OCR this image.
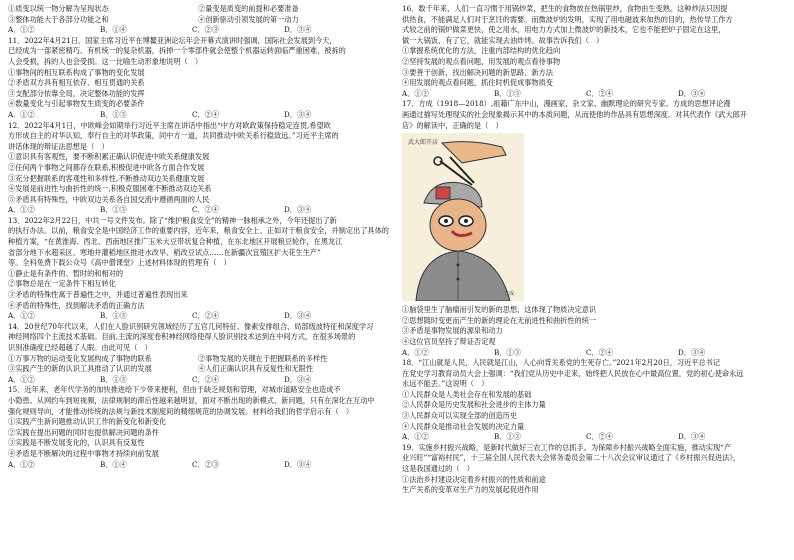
①质变以统一物分解为呈现状态	②量变是质变的前提和必要准备
③整体功能大于各部分功能之和	④创新驱动引领发展的第一动力
A．①②	B．①④	C．②③	D．③④
11．2022年4月21日，国家主席习近平在博鳌亚洲论坛年会开幕式演讲时强调，国际社会发展到今天，
已经成为一部紧密精巧、有机统一的复杂机器，拆掉一个零部件就会使整个机器运转面临严重困难，被拆的
人会受损，拆的人也会受损。这一比喻生动形象地说明（　）
①事物间的相互联系构成了事物的变化发展
②矛盾双方具有相互依存、相互贯通的关系
③支配部分依靠全局，决定整体功能的发挥
④数量变化与引起事物发生质变的必要条件
A．①②	B．①③	C．②④	D．③④
12．2022年4月1日，中欧峰会如期举行习近平主席在讲话中指出“中方对欧政策保持稳定连贯,希望欧
方形成自主的对华认知，奉行自主的对华政策，同中方一道，共同推动中欧关系行稳致远。”习近平主席的
讲话体现的辩证法思想是（　）
①意识具有客观性，要不断积累正确认识促进中欧关系健康发展
②任何两个事物之间都存在联系,积极促进中欧各方面合作发展
③充分把握联系的客观性和多样性,不断推动双边关系健康发展
④发展是前进性与曲折性的统一,积极克服困难不断推动双边关系
⑤矛盾具有特殊性，中欧双边关系各自国交流中遵循两面的人民
A．①②	B．①③	C．②④	D．③④
13．2022年2月22日，中共一号文件发布。除了“维护粮食安全”的精神一脉相承之外，今年还提出了新
的执行办法。以前，粮食安全是中国经济工作的重要内容，近年来，粮食安全上、正如对于粮食安全，并制定出了具体的
种植方案，“在黄淮海、西北、西南地区推广玉米大豆带状复合种植，在东北地区开展粮豆轮作，在黑龙江
省部分地下水超采区、寒地井灌稻地区推进水改旱、稻改豆试点……在新疆次宜殖区扩大花生生产”
等。全科免费下载公众号《高中僧课堂》上述材料体现的哲理有（　）
①静止是有条件的、暂时的和相对的
②事物总是在一定条件下相互转化
③矛盾的特殊性寓于普遍性之中，并通过普遍性表现出来
④矛盾的特殊性，找到解决矛盾的正确方法
A．①②	B．①③	C．②④	D．③④
14．20世纪70年代以来，人们在人脸识别研究领域经历了五官几何特征、像素安排组合、局部级波特征和深度学习
神经网络四个主流技术基础。目前,主流的深度卷积神经网络使得人脸识别技术达到在中间方式，在很多场景的
识别准确度已经超越了人眼。由此可见（　）
①万事万物的运动变化发展构成了事物的联系	②事物发展的关键在于把握联系的多样性
③实践产生的新的认识工具推动了认识的发展	④人们正确认识具有反复性和无限性
A．①②	B．①③	C．②④	D．③④
15．近年来，老年代学务的加快推进给下少带来便利，但由于缺乏规划和管理，对城市道路安全也造成不
小隐患。从网约车到短视频，法律规制的滞后性越来越明显，面对不断出现的新模式、新问题，只有在深化在互动中
强化规则导向，才能推动传统的法规与新技术制度间的精细规范的协调发展。材料给我们的哲学启示有（　）
①实践产生新问题推动认识工作的新变化和新变化
②实践在提出问题的同时也提供解决问题的条件
③实践是不断发展变化的，认识具有反复性
④矛盾是不断解决的过程中事物才持续向前发展
A．①②	B．①④	C．②③	D．③④
16．数千年来，人们一直习惯于用锅炒菜，把生的食物放在热锅里炒，食物由生变熟。这种炒法只因提
供热食，不能满足人们对于烹饪的需要。而微波炉的发明，实现了用电磁波来加热的目的，热传导工作方
式较之前的锅炉做菜更快，使之用水，用电力方式加上微波炉的新技术，它也不能把炉子固定在这里，
做一大锅饭，有了它，就能实现去油炸烤。故事告诉我们（　）
①掌握系统优化的方法，注重内部结构的优化趋向
②坚持发展的观点看问题，用发展的观点看待事物
③要善于创新，找出解决问题的新思路、新方法
④用发展的观点看问题，抓住时机促成事物质变
A．①②	B．①③	C．②④	D．③④
17．方成（1918—2018）,祖籍广东中山，漫画家、杂文家、幽默理论的研究专家。方成的思想评论漫
画通过描写处理现实的社会现象揭示其中的本质问题，从而使他的作品具有思想深度。对其代表作《武大郎开
店》的解读中，正确的是（　）
武大郎开店
方成
①脑袋里生了脑瘤而引发的新的思想，这体现了物质决定意识
②思想随时变更而产生的新的理论在无前进性和曲折性的统一
③矛盾是事物发展的源泉和动力
④这位官员坚持了辩证否定观
A．①②	B．①③	C．②④	D．③④
18．“江山就是人民，人民就是江山，人心向背关系党的生死存亡。”2021年2月20日，习近平总书记
在党史学习教育动员大会上强调：“我们党从历史中走来，始终把人民放在心中最高位置，党的初心使命永远
永远不能丢。”这说明（　）
①人民群众是人类社会存在和发展的基础
②人民群众是历史发展和社会进步的主体力量
③人民群众可以实现全部的创造历史
④人民群众是推动社会发展的决定力量
A．①②	B．①③	C．②④	D．③④
19．实施乡村振兴战略，是新时代做好三农工作的总抓手。为保障乡村振兴战略全面实施，推动实现“产
业兴旺”“富裕村民”，十三届全国人民代表大会常务委员会第二十八次会议审议通过了《乡村振兴促进法》，
这是我国通过的（　）
①法治乡村建设决定着乡村振兴的性质和前途
生产关系的变革对生产力的发展起促进作用
